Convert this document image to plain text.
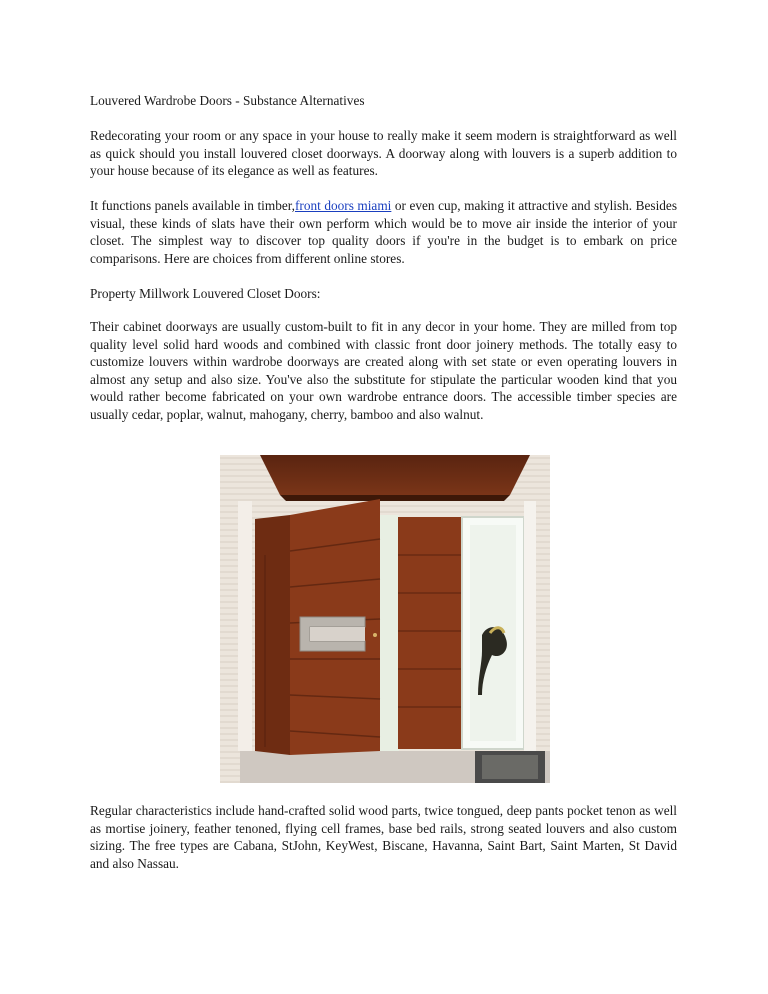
Louvered Wardrobe Doors - Substance Alternatives
Redecorating your room or any space in your house to really make it seem modern is straightforward as well as quick should you install louvered closet doorways. A doorway along with louvers is a superb addition to your house because of its elegance as well as features.
It functions panels available in timber,front doors miami or even cup, making it attractive and stylish. Besides visual, these kinds of slats have their own perform which would be to move air inside the interior of your closet. The simplest way to discover top quality doors if you're in the budget is to embark on price comparisons. Here are choices from different online stores.
Property Millwork Louvered Closet Doors:
Their cabinet doorways are usually custom-built to fit in any decor in your home. They are milled from top quality level solid hard woods and combined with classic front door joinery methods. The totally easy to customize louvers within wardrobe doorways are created along with set state or even operating louvers in almost any setup and also size. You've also the substitute for stipulate the particular wooden kind that you would rather become fabricated on your own wardrobe entrance doors. The accessible timber species are usually cedar, poplar, walnut, mahogany, cherry, bamboo and also walnut.
Regular characteristics include hand-crafted solid wood parts, twice tongued, deep pants pocket tenon as well as mortise joinery, feather tenoned, flying cell frames, base bed rails, strong seated louvers and also custom sizing. The free types are Cabana, StJohn, KeyWest, Biscane, Havanna, Saint Bart, Saint Marten, St David and also Nassau.
